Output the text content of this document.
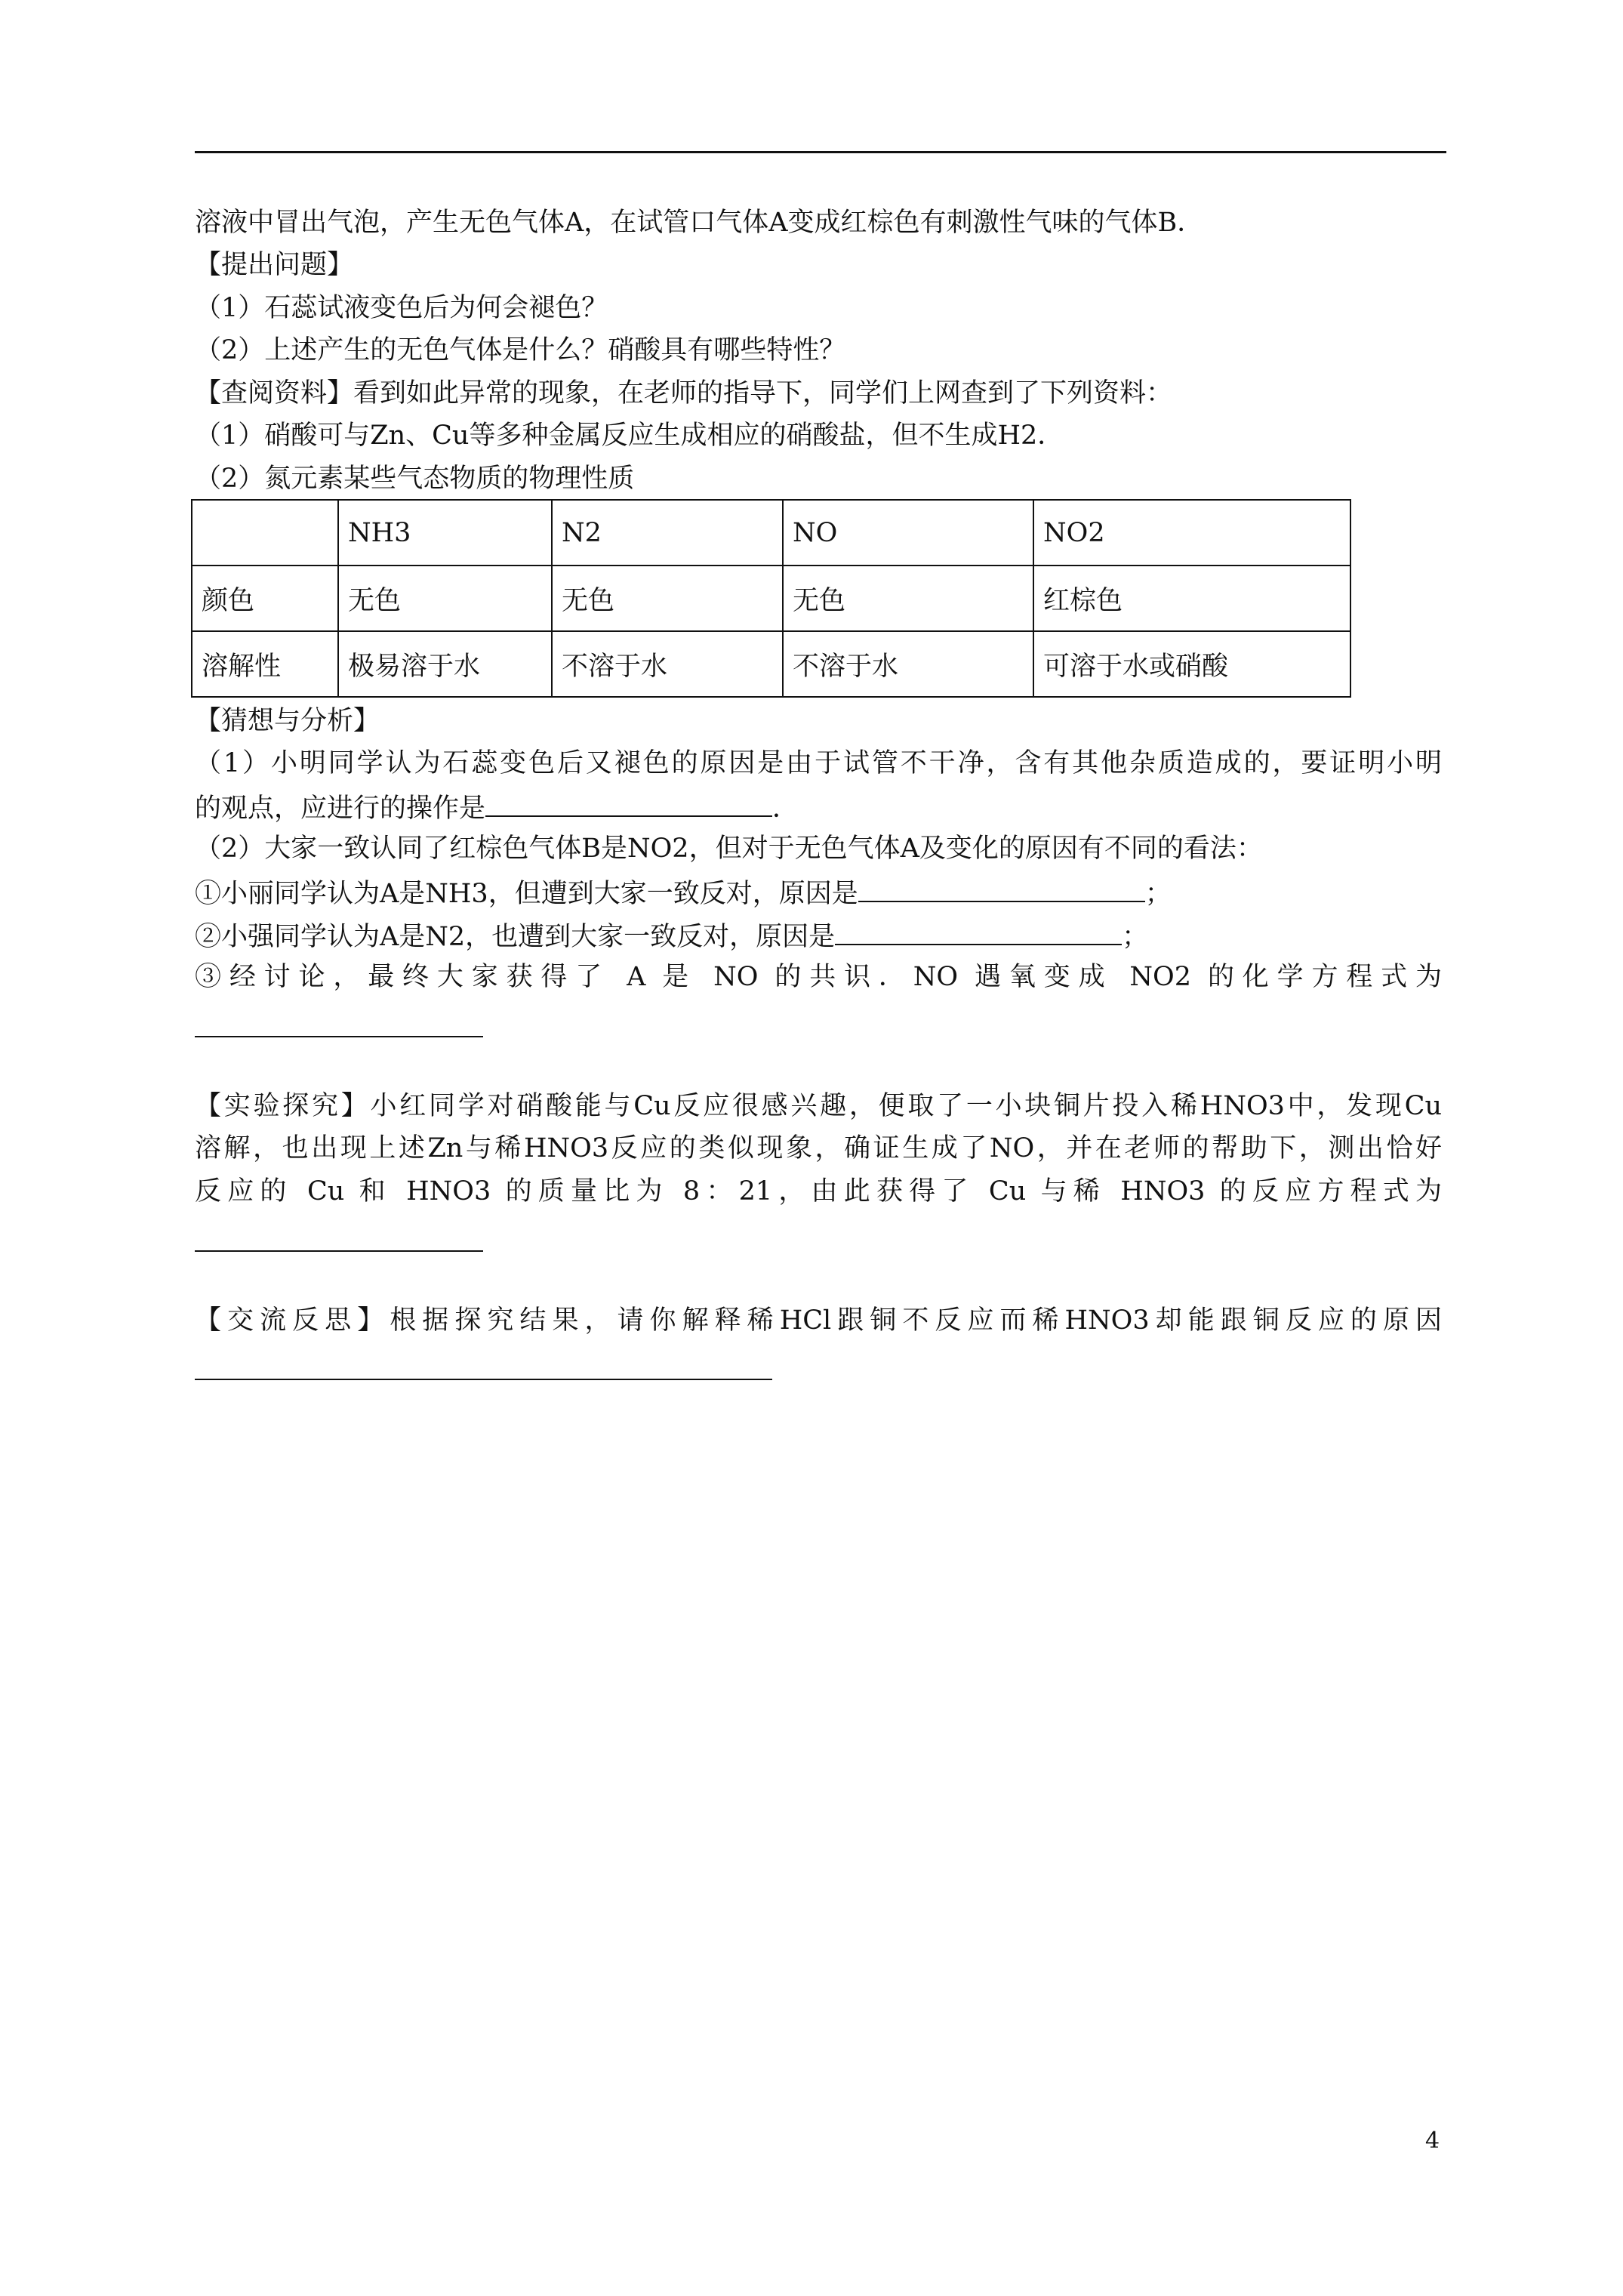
溶液中冒出气泡，产生无色气体A，在试管口气体A变成红棕色有刺激性气味的气体B．
【提出问题】
（1）石蕊试液变色后为何会褪色？
（2）上述产生的无色气体是什么？硝酸具有哪些特性？
【查阅资料】看到如此异常的现象，在老师的指导下，同学们上网查到了下列资料：
（1）硝酸可与Zn、Cu等多种金属反应生成相应的硝酸盐，但不生成H2．
（2）氮元素某些气态物质的物理性质
	NH3	N2	NO	NO2
颜色	无色	无色	无色	红棕色
溶解性	极易溶于水	不溶于水	不溶于水	可溶于水或硝酸
【猜想与分析】
（1）小明同学认为石蕊变色后又褪色的原因是由于试管不干净，含有其他杂质造成的，要证明小明
的观点，应进行的操作是	．
（2）大家一致认同了红棕色气体B是NO2，但对于无色气体A及变化的原因有不同的看法：
①小丽同学认为A是NH3，但遭到大家一致反对，原因是	；
②小强同学认为A是N2，也遭到大家一致反对，原因是	；
③经讨论，最终大家获得了 A 是 NO 的共识．NO 遇氧变成 NO2 的化学方程式为
【实验探究】小红同学对硝酸能与Cu反应很感兴趣，便取了一小块铜片投入稀HNO3中，发现Cu
溶解，也出现上述Zn与稀HNO3反应的类似现象，确证生成了NO，并在老师的帮助下，测出恰好
反应的 Cu 和 HNO3 的质量比为 8：21，由此获得了 Cu 与稀 HNO3 的反应方程式为
【交流反思】根据探究结果，请你解释稀HCl跟铜不反应而稀HNO3却能跟铜反应的原因
4
